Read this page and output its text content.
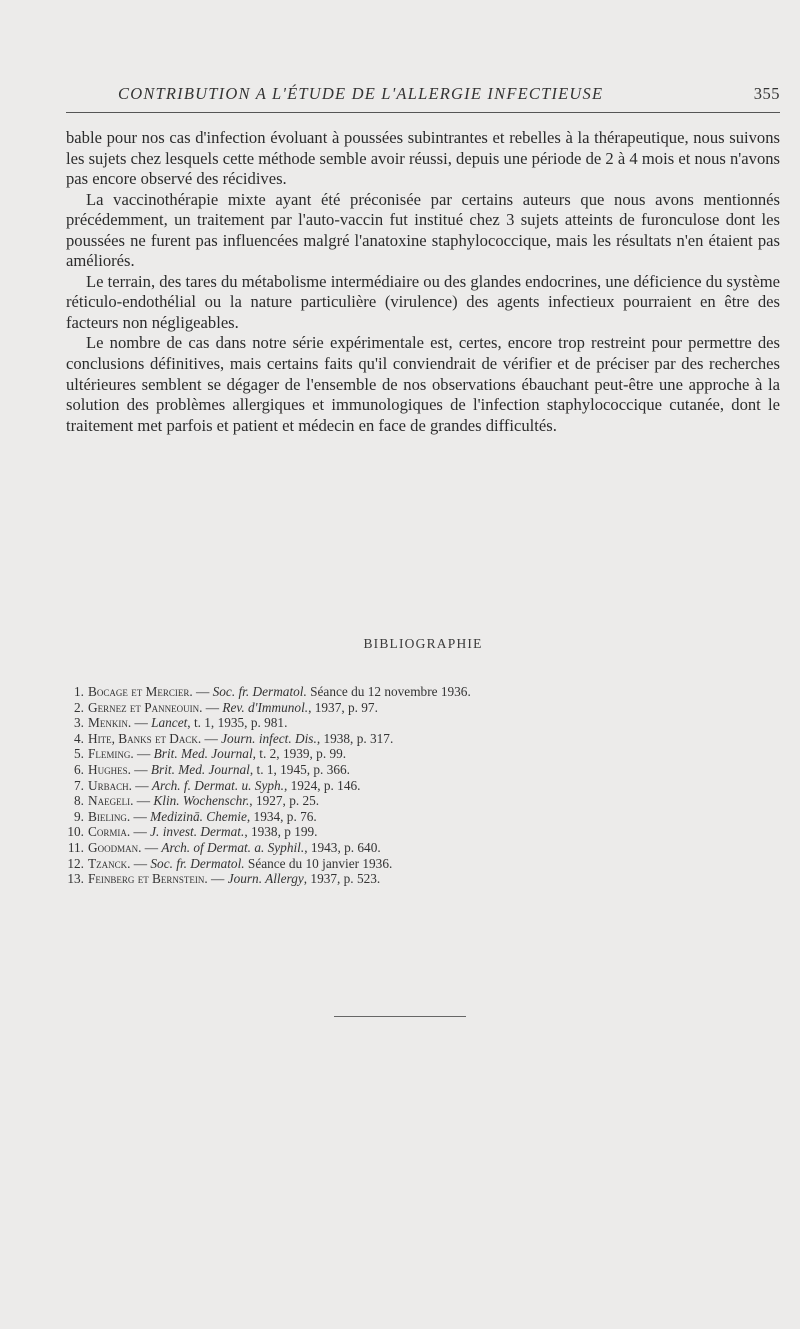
CONTRIBUTION A L'ÉTUDE DE L'ALLERGIE INFECTIEUSE	355

bable pour nos cas d'infection évoluant à poussées subintrantes et rebelles à la thérapeutique, nous suivons les sujets chez lesquels cette méthode semble avoir réussi, depuis une période de 2 à 4 mois et nous n'avons pas encore observé des récidives.

La vaccinothérapie mixte ayant été préconisée par certains auteurs que nous avons mentionnés précédemment, un traitement par l'auto-vaccin fut institué chez 3 sujets atteints de furonculose dont les poussées ne furent pas influencées malgré l'anatoxine staphylococcique, mais les résultats n'en étaient pas améliorés.

Le terrain, des tares du métabolisme intermédiaire ou des glandes endocrines, une déficience du système réticulo-endothélial ou la nature particulière (virulence) des agents infectieux pourraient en être des facteurs non négligeables.

Le nombre de cas dans notre série expérimentale est, certes, encore trop restreint pour permettre des conclusions définitives, mais certains faits qu'il conviendrait de vérifier et de préciser par des recherches ultérieures semblent se dégager de l'ensemble de nos observations ébauchant peut-être une approche à la solution des problèmes allergiques et immunologiques de l'infection staphylococcique cutanée, dont le traitement met parfois et patient et médecin en face de grandes difficultés.

BIBLIOGRAPHIE
1. Bocage et Mercier. — Soc. fr. Dermatol. Séance du 12 novembre 1936.
2. Gernez et Panneouin. — Rev. d'Immunol., 1937, p. 97.
3. Menkin. — Lancet, t. 1, 1935, p. 981.
4. Hite, Banks et Dack. — Journ. infect. Dis., 1938, p. 317.
5. Fleming. — Brit. Med. Journal, t. 2, 1939, p. 99.
6. Hughes. — Brit. Med. Journal, t. 1, 1945, p. 366.
7. Urbach. — Arch. f. Dermat. u. Syph., 1924, p. 146.
8. Naegeli. — Klin. Wochenschr., 1927, p. 25.
9. Bieling. — Medizinā. Chemie, 1934, p. 76.
10. Cormia. — J. invest. Dermat., 1938, p 199.
11. Goodman. — Arch. of Dermat. a. Syphil., 1943, p. 640.
12. Tzanck. — Soc. fr. Dermatol. Séance du 10 janvier 1936.
13. Feinberg et Bernstein. — Journ. Allergy, 1937, p. 523.
